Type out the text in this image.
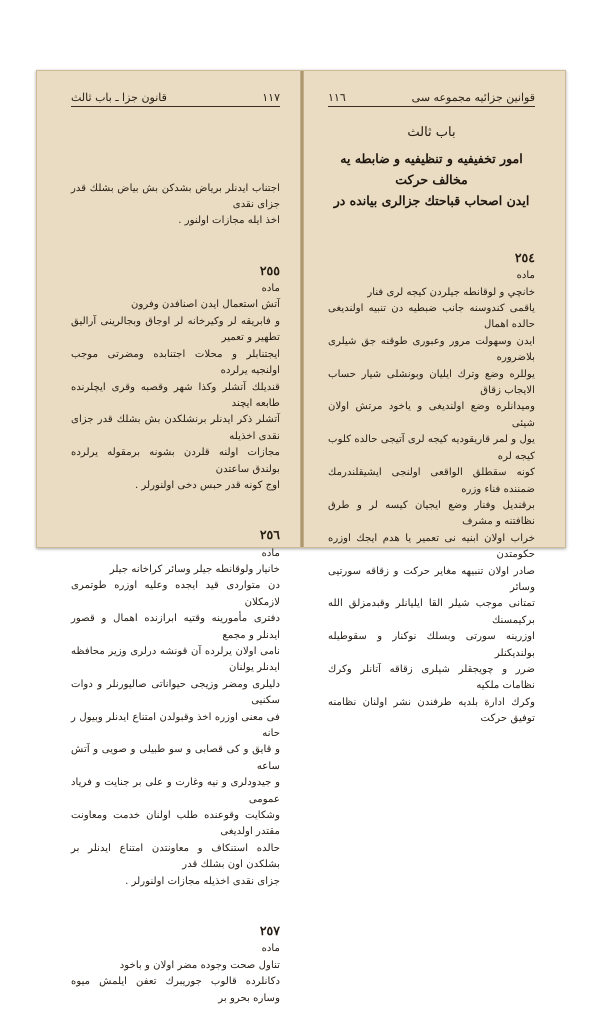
١١٧
قانون جزا ـ باب ثالث

اجتناب ايدنلر برياض بشدكن بش بياض بشلك قدر جزاى نقدى
اخذ ايله مجازات اولنور .

٢٥٥
ماده
آتش استعمال ايدن اصنافدن وفرون
و فابريقه لر وكيرخانه لر اوجاق وبجالرينى آراليق تطهير و تعمير
ايجتنابلر و محلات اجتنابده ومضرتى موجب اولنجيه يرلرده
قنديلك آتشلر وكذا شهر وقصبه وقرى ايچلرنده طابعه ايچند
آتشلر ذكر ايدنلر برنشلكدن بش بشلك قدر جزاى نقدى اخذيله
مجازات اولنه قلردن بشونه برمقوله يرلرده بولندق ساعتدن
اوج كونه قدر حبس دخى اولنورلر .

٢٥٦
ماده
خانيار ولوقانطه جيلر وسائر كراخانه جيلر
دن متواردى قيد ايجده وعليه اوزره طوتمرى لازمكلان
دفترى مأمورينه وقتيه ابرازنده اهمال و قصور ايدنلر و مجمع
نامى اولان يرلرده آن قونشه درلرى وزير محافظه ايدنلر يولنان
دليلرى ومضر وزيجى حيواناتى صاليورنلر و دوات سكنيى
فى معنى اوزره اخذ وقبولدن امتناع ايدنلر وبيول ر حانه
و قايق و كى قصابى و سو طبيلى و صويى و آتش ساعه
و جيدودلرى و نيه وغارت و على بر جنايت و فرياد عمومى
وشكايت وقوعنده طلب اولنان خدمت ومعاونت مقتدر اولديغى
حالده استنكاف و معاونتدن امتناع ايدنلر بر بشلكدن اون بشلك قدر
جزاى نقدى اخذيله مجازات اولنورلر .

٢٥٧
ماده
تناول صحت وجوده مضر اولان و باخود
دكانلرده قالوب جوريبرك تعفن ايلمش ميوه وساره بحرو بر

قوانين جزائيه مجموعه سى
١١٦
باب ثالث
امور تخفيفيه و تنظيفيه و ضابطه يه مخالف حركت
ايدن اصحاب قباحتك جزالرى بيانده در

٢٥٤
ماده
خانچي و لوقانطه جيلردن كيجه لرى فنار
ياقمى كندوسنه جانب ضبطيه دن تنبيه اولنديغى حالده اهمال
ايدن وسهولت مرور وعبورى طوقنه جق شيلرى بلاضروره
يوللره وضع وترك ايليان وبونشلى شيار حساب الايجاب زقاق
وميدانلره وضع اولنديغى و ياخود مرتش اولان شيئى
يول و لمر قاريقوديه كيجه لرى آتيجى حالده كلوب كيجه لره
كونه سقطلق الواقعى اولنجى ايشيقلندرمك ضمننده فناء وزره
برقنديل وفنار وضع ايجيان كيسه لر و طرق نظافتنه و مشرف
خراب اولان ابنيه نى تعمير يا هدم ايجك اوزره حكومتدن
صادر اولان تنبيهه مغاير حركت و زقاقه سورتيى وسائر
تمتانى موجب شيلر القا ايليانلر وقبدمزلق الله بركيمسنك
اوزرينه سورتى وبسلك نوكنار و سقوطيله بولنديكنلر
ضرر و چويجقلر شيلرى زقاقه آتانلر وكرك نظامات ملكيه
وكرك ادارة بلديه طرفندن نشر اولنان نظامنه توفيق حركت
